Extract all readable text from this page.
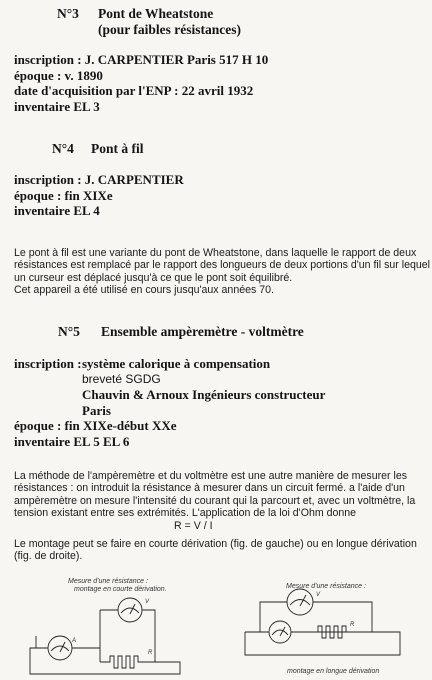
N°3 Pont de Wheatstone
(pour faibles résistances)
inscription : J. CARPENTIER Paris 517 H 10
époque : v. 1890
date d'acquisition par l'ENP : 22 avril 1932
inventaire EL 3
N°4 Pont à fil
inscription : J. CARPENTIER
époque : fin XIXe
inventaire EL 4
Le pont à fil est une variante du pont de Wheatstone, dans laquelle le rapport de deux
résistances est remplacé par le rapport des longueurs de deux portions d'un fil sur lequel
un curseur est déplacé jusqu'à ce que le pont soit équilibré.
Cet appareil a été utilisé en cours jusqu'aux années 70.
N°5 Ensemble ampèremètre - voltmètre
inscription : système calorique à compensation
breveté SGDG
Chauvin & Arnoux Ingénieurs constructeur
Paris
époque : fin XIXe-début XXe
inventaire EL 5 EL 6
La méthode de l'ampèremètre et du voltmètre est une autre manière de mesurer les
résistances : on introduit la résistance à mesurer dans un circuit fermé. a l'aide d'un
ampèremètre on mesure l'intensité du courant qui la parcourt et, avec un voltmètre, la
tension existant entre ses extrémités. L'application de la loi d'Ohm donne
R = V / I
Le montage peut se faire en courte dérivation (fig. de gauche) ou en longue dérivation
(fig. de droite).
Mesure d'une résistance :
montage en courte dérivation.
V
R
A
Mesure d'une résistance :
V
R
montage en longue dérivation
